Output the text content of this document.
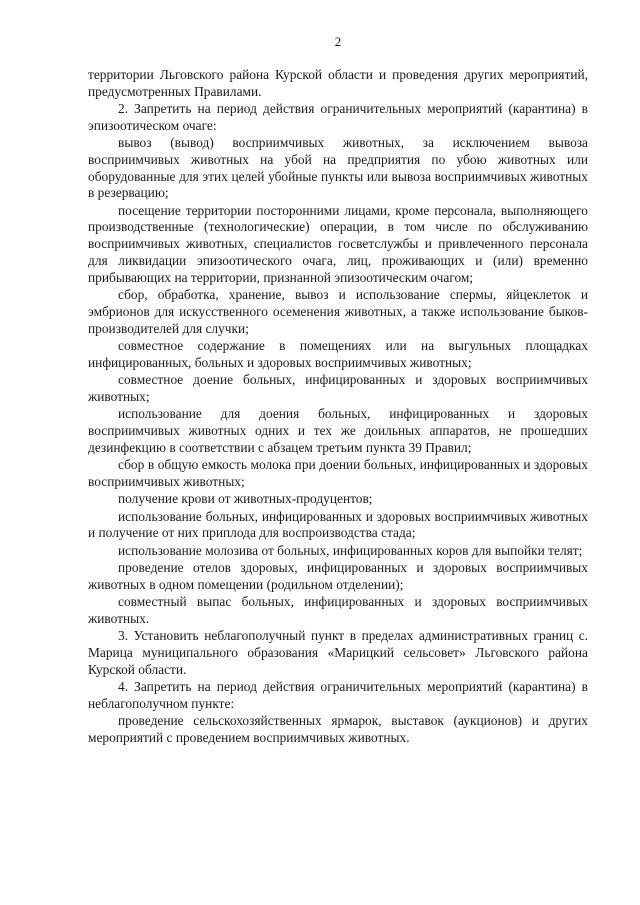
2

территории Льговского района Курской области и проведения других мероприятий, предусмотренных Правилами.

2. Запретить на период действия ограничительных мероприятий (карантина) в эпизоотическом очаге:

вывоз (вывод) восприимчивых животных, за исключением вывоза восприимчивых животных на убой на предприятия по убою животных или оборудованные для этих целей убойные пункты или вывоза восприимчивых животных в резервацию;

посещение территории посторонними лицами, кроме персонала, выполняющего производственные (технологические) операции, в том числе по обслуживанию восприимчивых животных, специалистов госветслужбы и привлеченного персонала для ликвидации эпизоотического очага, лиц, проживающих и (или) временно прибывающих на территории, признанной эпизоотическим очагом;

сбор, обработка, хранение, вывоз и использование спермы, яйцеклеток и эмбрионов для искусственного осеменения животных, а также использование быков-производителей для случки;

совместное содержание в помещениях или на выгульных площадках инфицированных, больных и здоровых восприимчивых животных;

совместное доение больных, инфицированных и здоровых восприимчивых животных;

использование для доения больных, инфицированных и здоровых восприимчивых животных одних и тех же доильных аппаратов, не прошедших дезинфекцию в соответствии с абзацем третьим пункта 39 Правил;

сбор в общую емкость молока при доении больных, инфицированных и здоровых восприимчивых животных;

получение крови от животных-продуцентов;

использование больных, инфицированных и здоровых восприимчивых животных и получение от них приплода для воспроизводства стада;

использование молозива от больных, инфицированных коров для выпойки телят;

проведение отелов здоровых, инфицированных и здоровых восприимчивых животных в одном помещении (родильном отделении);

совместный выпас больных, инфицированных и здоровых восприимчивых животных.

3. Установить неблагополучный пункт в пределах административных границ с. Марица муниципального образования «Марицкий сельсовет» Льговского района Курской области.

4. Запретить на период действия ограничительных мероприятий (карантина) в неблагополучном пункте:

проведение сельскохозяйственных ярмарок, выставок (аукционов) и других мероприятий с проведением восприимчивых животных.
